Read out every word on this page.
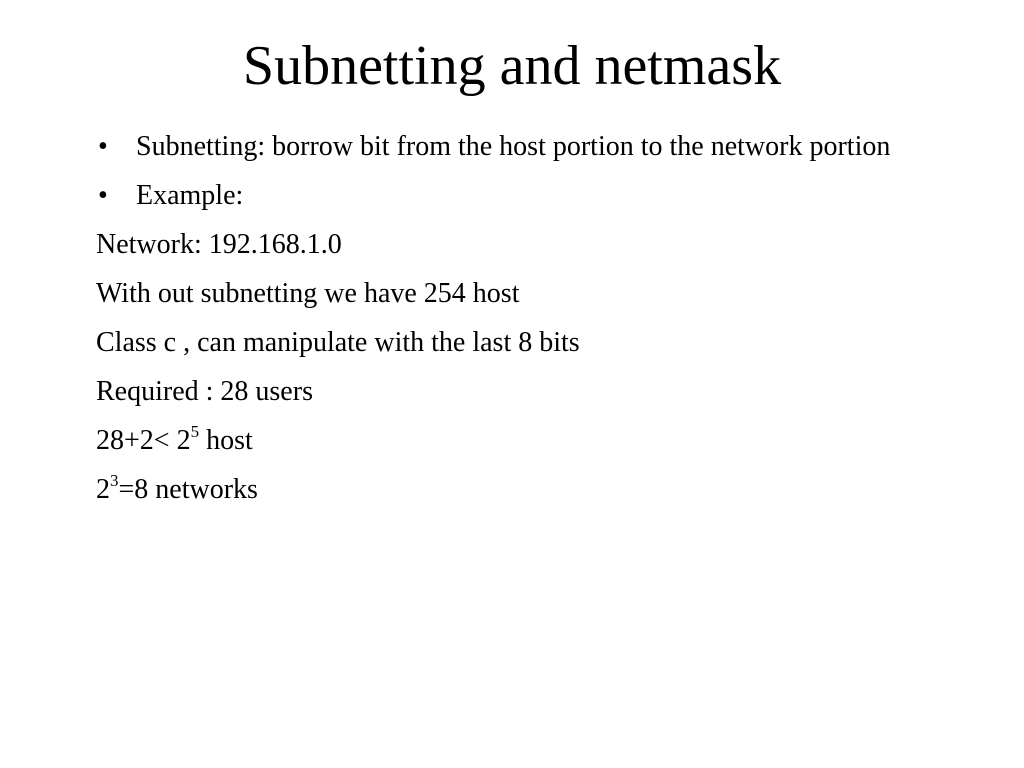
Subnetting and netmask
• Subnetting: borrow bit from the host portion to the network portion
• Example:
Network: 192.168.1.0
With out subnetting we have 254 host
Class c , can manipulate with the last 8 bits
Required : 28 users
$28+2< 2^5$ host
$2^3=8$ networks
